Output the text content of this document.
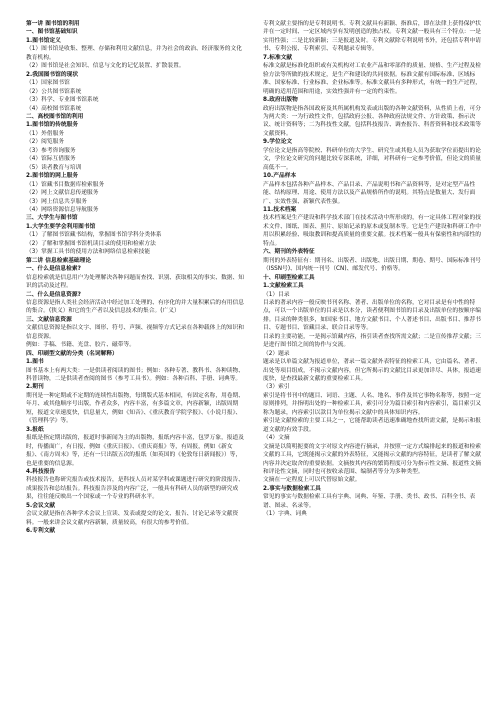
第一讲 图书馆的利用

一、图书馆基础知识

1.图书馆定义

（1）图书馆是收集、整理、存储和利用文献信息，并为社会的政治、经济服务的文化教育机构。

（2）图书馆是社会知识、信息与文化的记忆装置、扩散装置。

2.我国图书馆的现状

（1）国家图书馆

（2）公共图书馆系统

（3）科学、专业图书馆系统

（4）高校图书馆系统

二、高校图书馆的利用

1.图书馆的传统服务

（1）外借服务

（2）阅览服务

（3）参考咨询服务

（4）馆际互借服务

（5）读者教育与培训

2.图书馆的网上服务

（1）馆藏书目数据库检索服务

（2）网上文献信息传递服务

（3）网上信息共享服务

（4）网络资源信息导航服务

三、大学生与图书馆

1.大学生要学会利用图书馆

（1）了解图书馆藏书结构，掌握图书馆学科分类体系

（2）了解和掌握图书馆机读目录的使用和检索方法

（3）掌握工具书的使用方法和网络信息检索技能

第二讲 信息检索基础理论

一、什么是信息检索?

信息检索就是信息用户为处理解决各种问题而查找、识别、获取相关的事实、数据、知识的活动及过程。

二、什么是信息资源?

信息资源是指人类社会经济活动中经过加工处理的、有序化的并大量积累后的有用信息的集合。(狭义）和它的生产者以及信息技术的集合。(广义）

三、文献信息资源

文献信息资源是指以文字、图形、符号、声频、视频等方式记录在各种载体上的知识和信息资源。

例如：手稿、书籍、光盘、胶片、磁带等。

四、印刷型文献的分类（名词解释）

1.图书

图书基本上有两大类：一是供读者阅读的图书；例如：各种专著、教科书、各种读物、科普读物，二是供读者查阅的图书（参考工具书）。例如：各种百科、手册、词典等。

2.期刊

期刊是一种定期或不定期的连续性出版物，每期版式基本相同，有固定名称，用卷期、年月、或其他顺序号出版，作者众多，内容丰富，有多篇文章，内容新颖，出版周期短，报道文章速度快，信息量大，例如《知音》、《重庆教育学院学报》、《小说月报》、《管理科学》等。

3.报纸

报纸是指定期出版的，报道时事新闻为主的出版物，报纸内容丰富，包罗万象，报道及时，传播面广，有日报、例如《重庆日报》、《重庆商报》等，有周报，例如《新女报》、《南方周末》等，还有一只出版五次的报纸（如英国的《伦敦每日新闻报》）等，也是重要的信息源。

4.科技报告

科技报告也称研究报告或技术报告，是科技人员对某学科或课题进行研究的阶段报告、成果报告和总结报告。科技报告涉及的内容广泛，一般具有科研人员的新型的研究成果，往往能反映出一个国家或一个专业的科研水平。

5.会议文献

会议文献是指在各种学术会议上宣读、发表或提交的论文、报告、讨论记录等文献资料。一般来讲会议文献内容新颖，质量较高，有很大的参考价值。

6.专利文献

专利文献主要指的是专利说明书。专利文献具有新颖、指准后，即在法律上获得保护状并在一定时间、一定区域内享有发明创造的独占权。专利文献一般具有三个特点：一是实用性强；二是比较新颖；三是报道及时。专利文献除专利说明书外，还包括专利申请书、专利公报、专利索引、专利题录专辑等。

7.标准文献

标准文献是标准化组织或有关机构对工农业产品和零部件的质量、规格、生产过程及检验方法等所做的技术规定，是生产和建设的共同依据。标准文献有国际标准、区域标准、国家标准、行业标准、企业标准等。标准文献具有多种形式，有统一的生产过程，明确的适用范围和用途，实效性强并有一定的约束性。

8.政府出版物

政府出版物是指各国政府及其所属机构发表或出版的各种文献资料，从性质上看，可分为两大类：一为行政性文件，包括政府公报、各种政府法规文件、方针政策、指示决议、统计资料等；二为科技性文献，包括科技报告、调查报告、科普资料和技术政策等文献资料。

9.学位论文

学位论文是指高等院校、科研单位的大学生、研究生或其他人员为获取学位而提出的论文，学位论文研究的问题比较专深系统，详细，对科研有一定参考价值，但论文的质量高低不一。

10.产品样本

产品样本包括各种产品样本、产品目录、产品说明书和产品资料等，是对定型产品性能、结构原理、用途、使用方法以及产品规格所作的说明。其特点是数量大、发行面广、实效性强、新颖代表性强。

11.技术档案

技术档案是生产建设和科学技术部门在技术活动中所形成的，有一定具体工程对象的技术文件、图纸、图表、照片、原始记录的原本或复制本等。它是生产建设和科研工作中用以积累经验、吸取教训和提高质量的重要文献。技术档案一般具有保密性和内部性的特点。

六、期刊的外表特征

期刊的外表特征有：期刊名、出版者、出版地、出版日期、期卷、期号、国际标准刊号（ISSN号)、国内统一刊号（CN)、邮发代号、价格等。

十、印刷型检索工具

1.文献检索工具

（1）目录

目录的著录内容一般反映书刊名称、著者、出版单位的名称，它对目录是有中性的特点，可以一个出版单位的目录是以本分，读者便利图书馆的目录及出版单位的按顺序编排。目录的种类很多，如国家书目、地方文献书目、个人著述书目、出版书目、推荐书目、专题书目、馆藏目录、联合目录等等。

目录的主要功能，一是揭示馆藏内容，指引读者查找所需文献；二是宣传推荐文献；三是进行图书馆之间的协作与交流。

（2）题录

题录是以单篇文献为报道单位，著录一篇文献外表特征的检索工具，它由篇名、著者、出处等项目组成，不揭示文献内容，但它所揭示的文献比目录更加详尽、具体，报道速度快，是查找最新文献的重要检索工具。

（3）索引

索引是将书刊中的题目、词语、主题、人名、地名、事件及其它事物名称等，按照一定原则排列，并指明出处的一种检索工具，索引可分为篇目索引和内容索引，篇目索引又称为题录，内容索引以款目为单位揭示文献中的具体知识内容。

索引是文献检索的主要工具之一，它能帮助读者迅速准确地查找所需文献，是揭示和报道文献的有效手段。

（4）文摘

文摘是以简明扼要的文字对原文内容进行摘录，并按照一定方式编排起来的报道和检索文献的工具，它既能揭示文献的外表特征，又能揭示文献的内容特征，是读者了解文献内容并决定取舍的重要依据。文摘按其内容的繁简程度可分为指示性文摘、报道性文摘和评论性文摘，同时也可按收录范围、编制者等分为多种类型。

文摘在一定程度上可以代替原始文献。

2.事实与数据检索工具

常见的事实与数据检索工具有字典、词典、年鉴、手册、类书、政书、百科全书、表谱、图录、名录等。

（1）字典、词典
